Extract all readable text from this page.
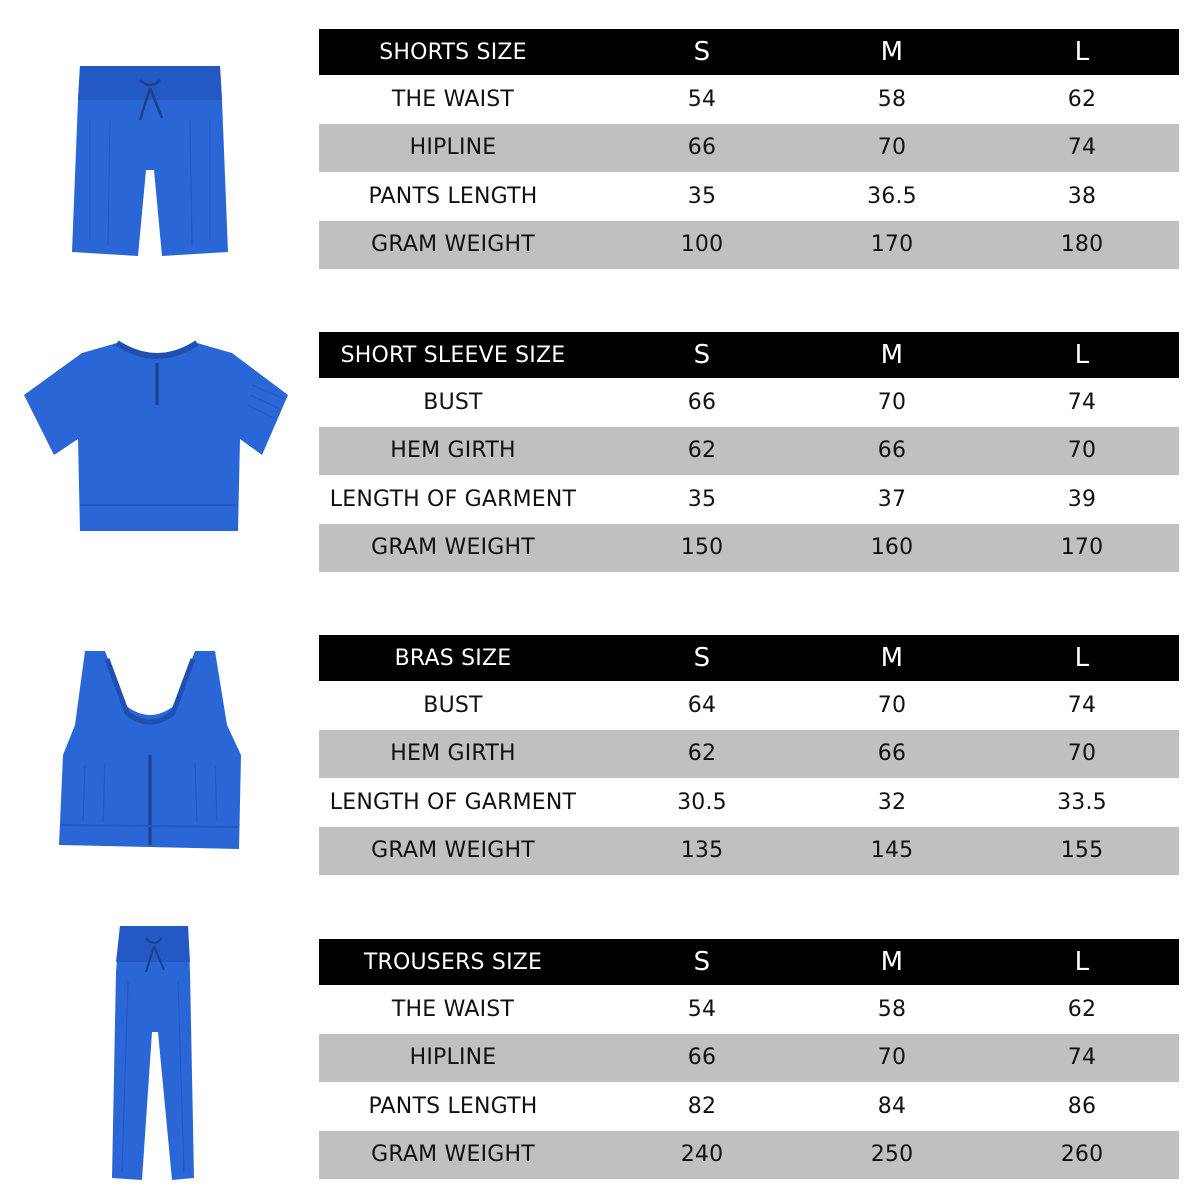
SHORTS SIZE	S	M	L
THE WAIST	54	58	62
HIPLINE	66	70	74
PANTS LENGTH	35	36.5	38
GRAM WEIGHT	100	170	180
SHORT SLEEVE SIZE	S	M	L
BUST	66	70	74
HEM GIRTH	62	66	70
LENGTH OF GARMENT	35	37	39
GRAM WEIGHT	150	160	170
BRAS SIZE	S	M	L
BUST	64	70	74
HEM GIRTH	62	66	70
LENGTH OF GARMENT	30.5	32	33.5
GRAM WEIGHT	135	145	155
TROUSERS SIZE	S	M	L
THE WAIST	54	58	62
HIPLINE	66	70	74
PANTS LENGTH	82	84	86
GRAM WEIGHT	240	250	260
